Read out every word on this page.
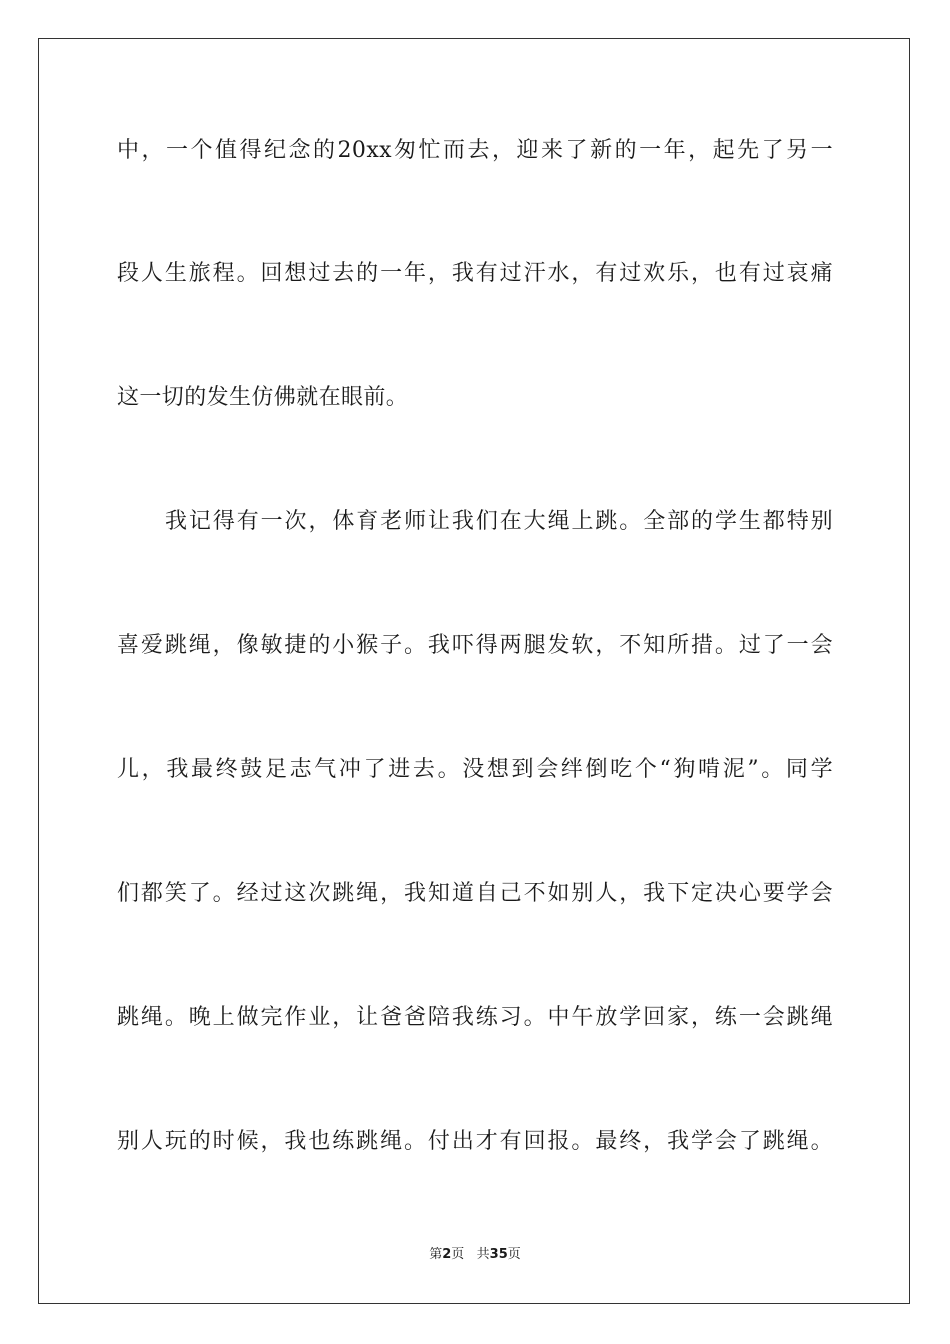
中，一个值得纪念的20xx匆忙而去，迎来了新的一年，起先了另一
段人生旅程。回想过去的一年，我有过汗水，有过欢乐，也有过哀痛
这一切的发生仿佛就在眼前。
我记得有一次，体育老师让我们在大绳上跳。全部的学生都特别
喜爱跳绳，像敏捷的小猴子。我吓得两腿发软，不知所措。过了一会
儿，我最终鼓足志气冲了进去。没想到会绊倒吃个“狗啃泥”。同学
们都笑了。经过这次跳绳，我知道自己不如别人，我下定决心要学会
跳绳。晚上做完作业，让爸爸陪我练习。中午放学回家，练一会跳绳
别人玩的时候，我也练跳绳。付出才有回报。最终，我学会了跳绳。
第2页   共35页
